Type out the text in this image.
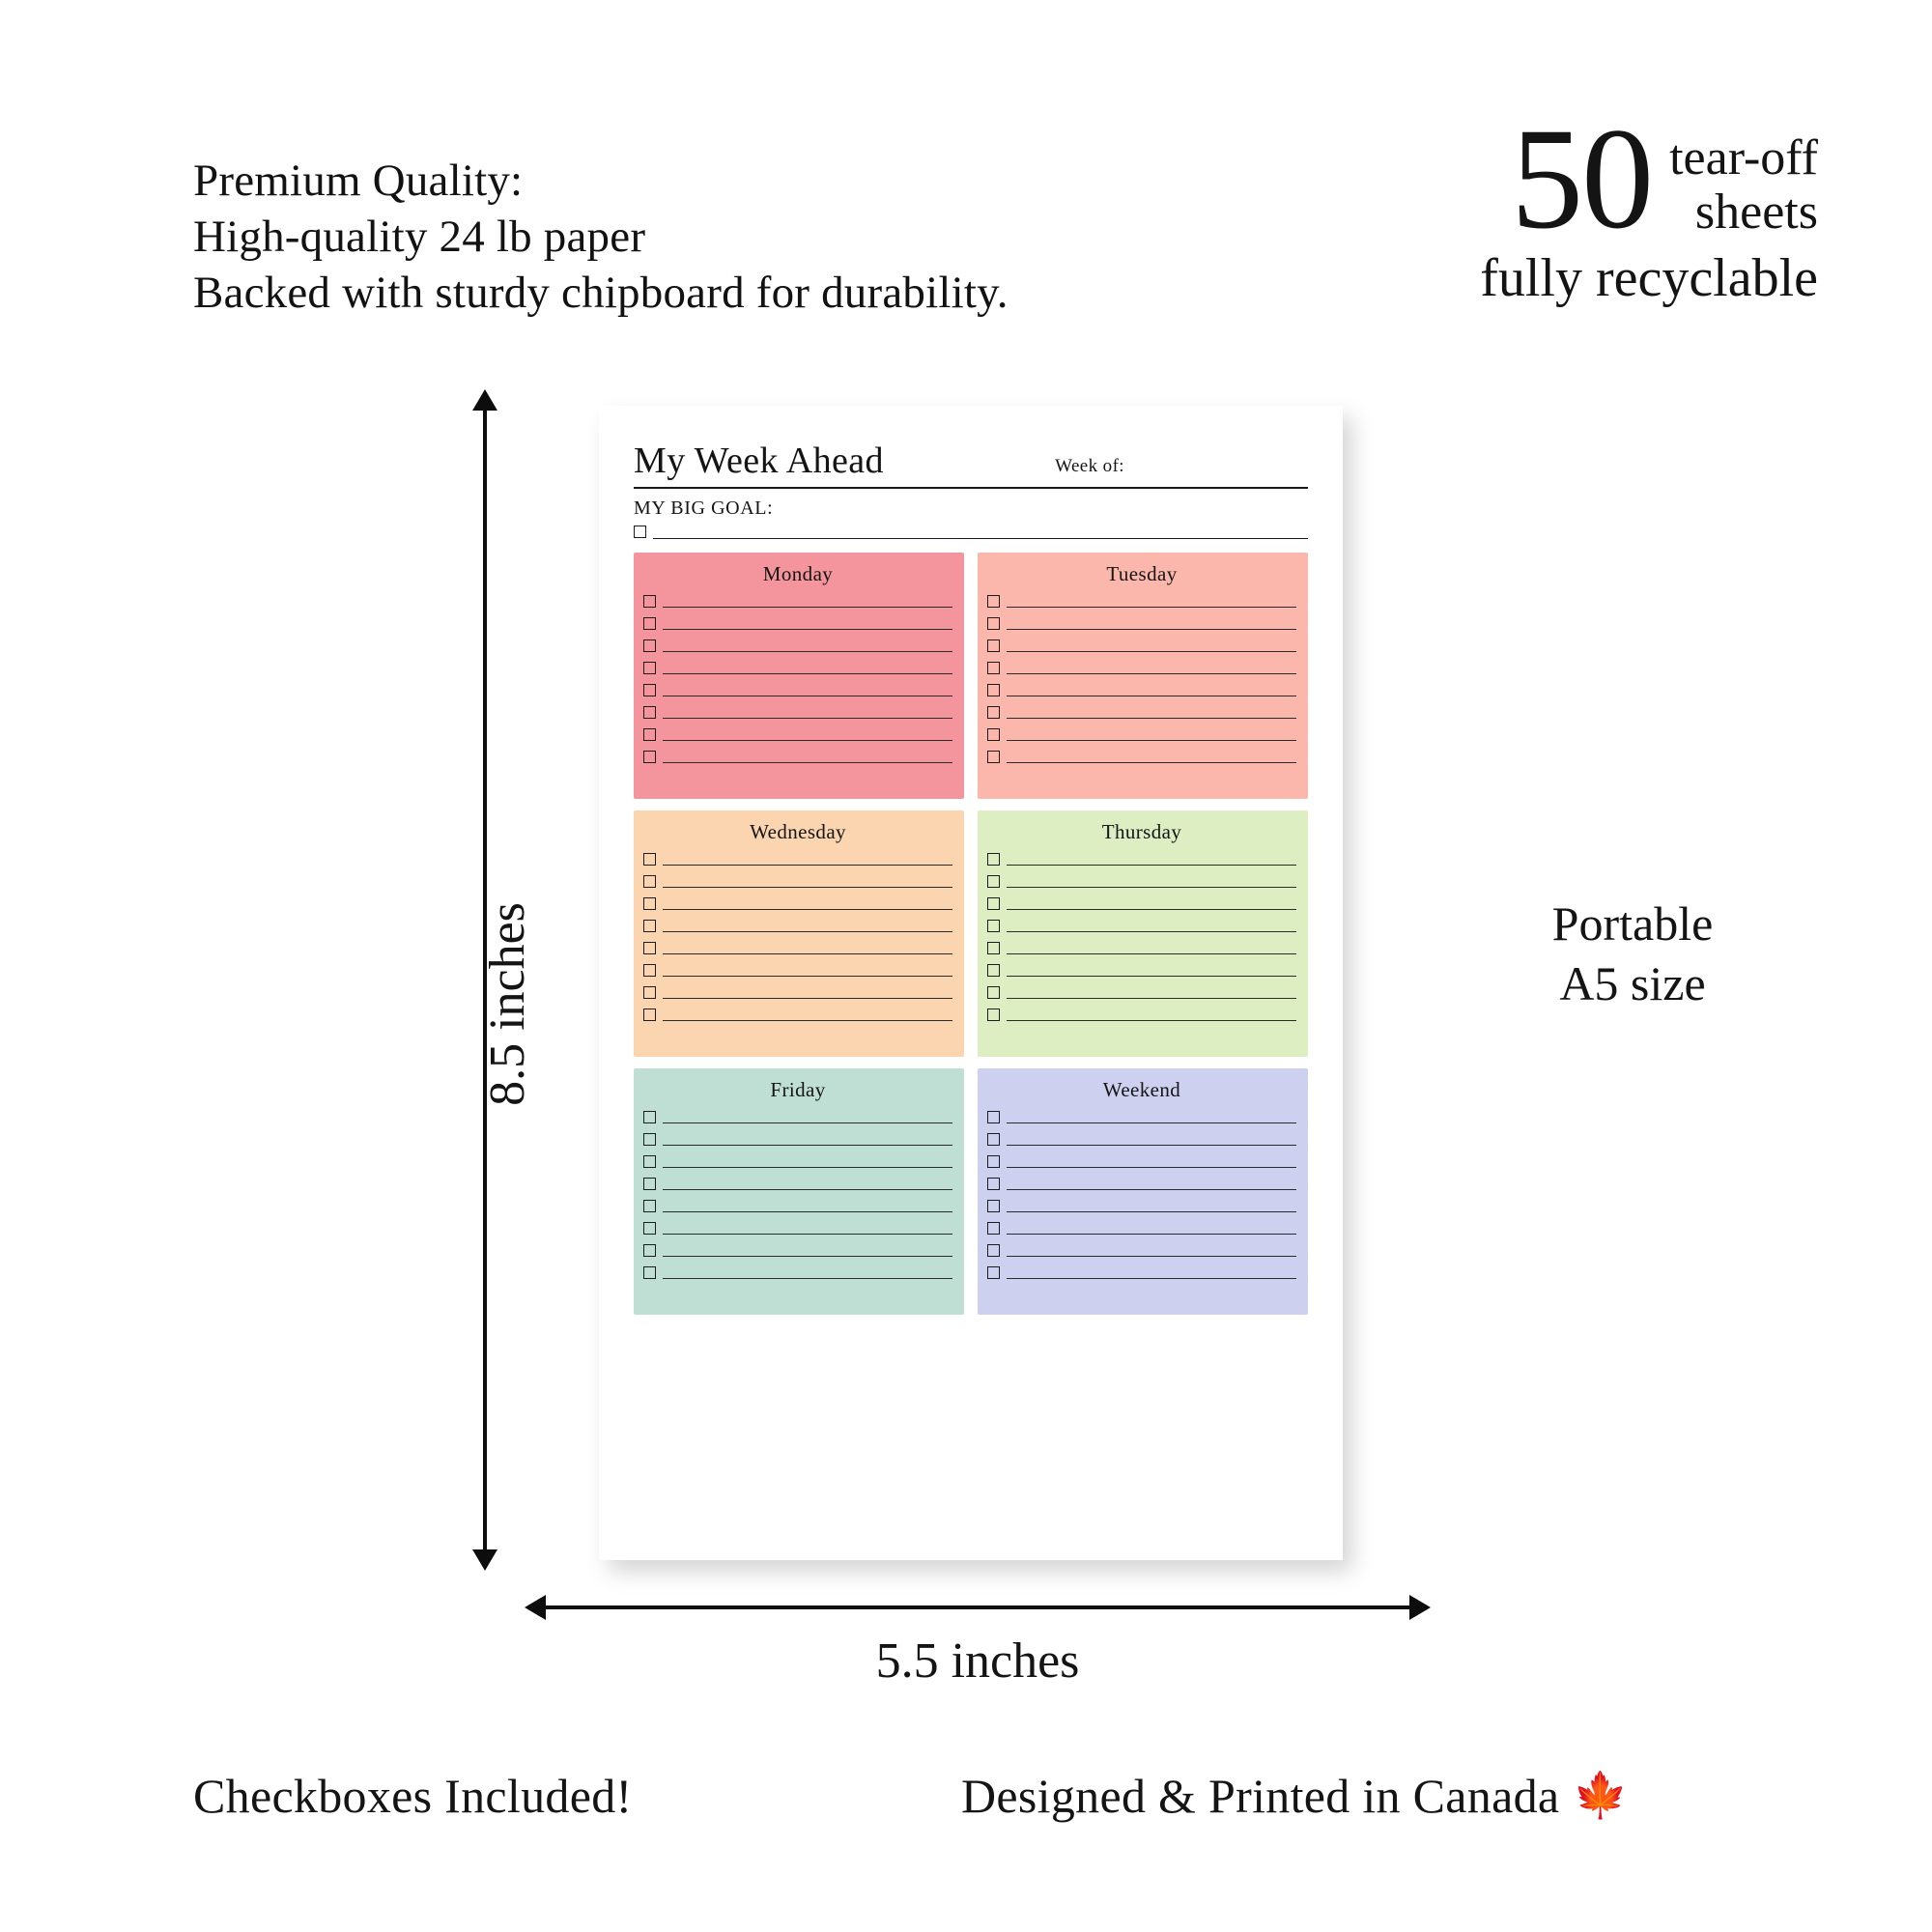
Premium Quality:
High-quality 24 lb paper
Backed with sturdy chipboard for durability.
50 tear-off
sheets
fully recyclable
8.5 inches
5.5 inches
My Week Ahead	Week of:
MY BIG GOAL:
Monday	Tuesday
Wednesday	Thursday
Friday	Weekend
Portable
A5 size
Checkboxes Included!	Designed & Printed in Canada 🍁
